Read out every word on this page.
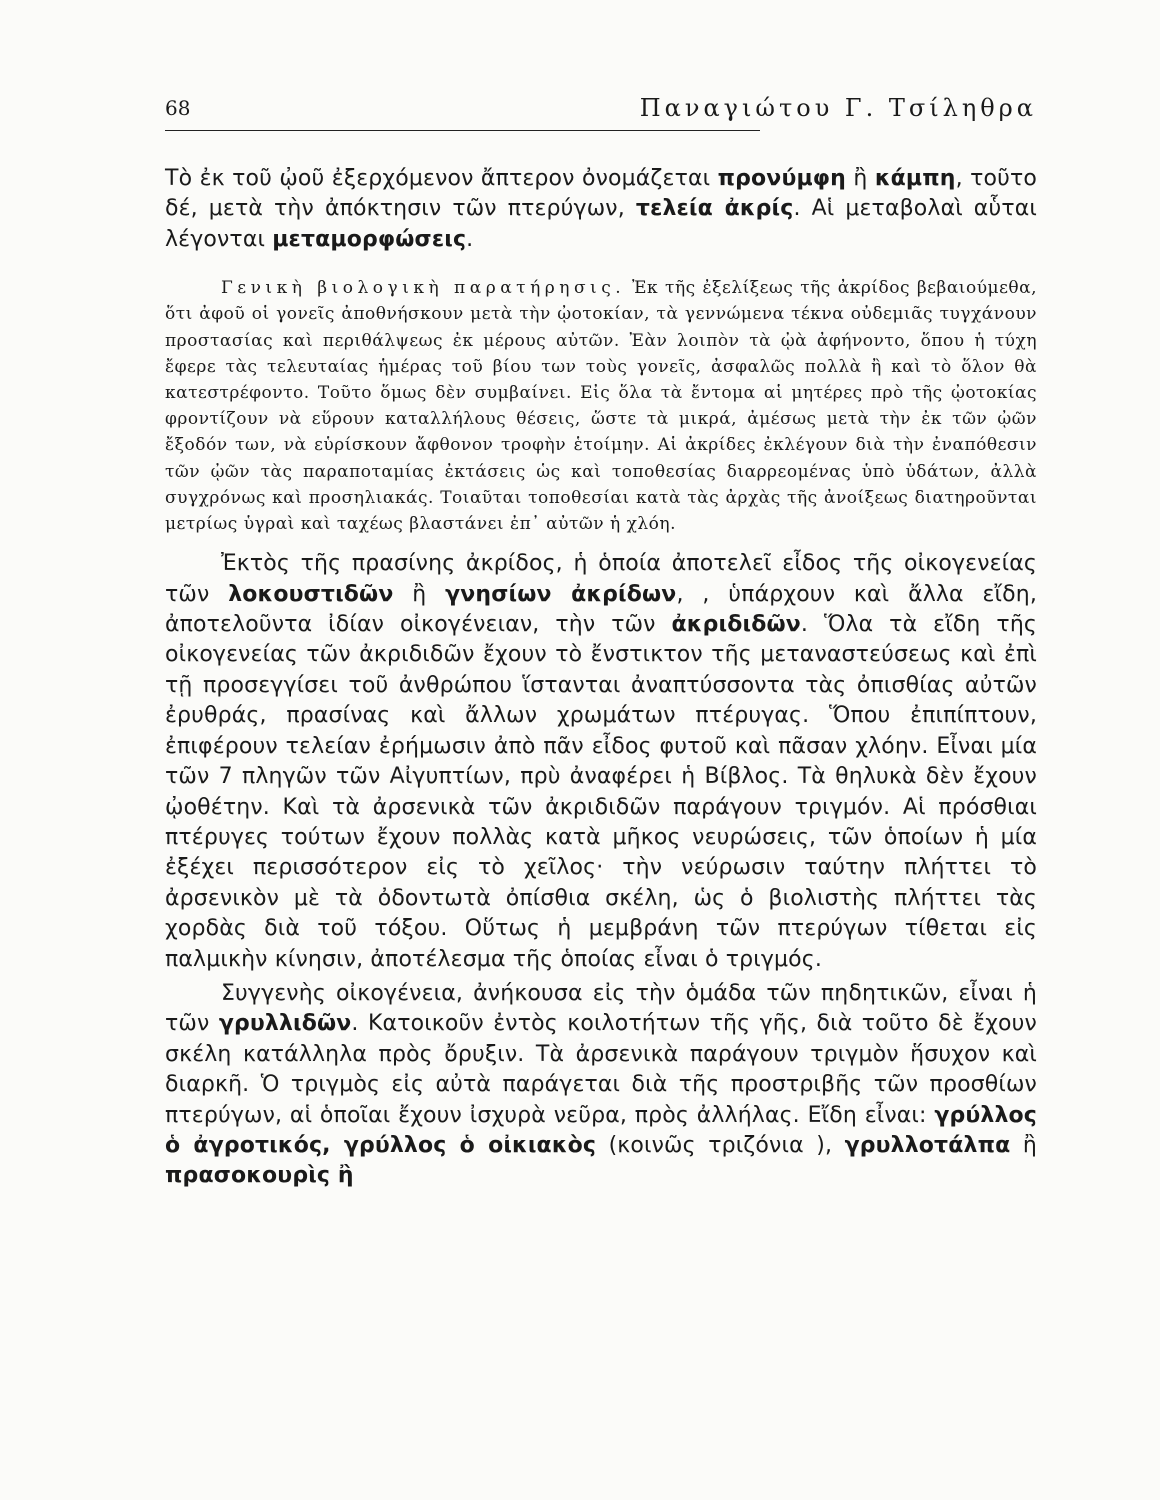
68	Παναγιώτου Γ. Τσίληθρα

Τὸ ἐκ τοῦ ᾠοῦ ἐξερχόμενον ἄπτερον ὀνομάζεται προνύμφη ἢ κάμπη, τοῦτο δέ, μετὰ τὴν ἀπόκτησιν τῶν πτερύγων, τελεία ἀκρίς. Αἱ μεταβολαὶ αὗται λέγονται μεταμορφώσεις.

Γενικὴ βιολογικὴ παρατήρησις. Ἐκ τῆς ἐξελίξεως τῆς ἀκρίδος βεβαιούμεθα, ὅτι ἀφοῦ οἱ γονεῖς ἀποθνήσκουν μετὰ τὴν ᾠοτοκίαν, τὰ γεννώμενα τέκνα οὐδεμιᾶς τυγχάνουν προστασίας καὶ περιθάλψεως ἐκ μέρους αὐτῶν. Ἐὰν λοιπὸν τὰ ᾠὰ ἀφήνοντο, ὅπου ἡ τύχη ἔφερε τὰς τελευταίας ἡμέρας τοῦ βίου των τοὺς γονεῖς, ἀσφαλῶς πολλὰ ἢ καὶ τὸ ὅλον θὰ κατεστρέφοντο. Τοῦτο ὅμως δὲν συμβαίνει. Εἰς ὅλα τὰ ἔντομα αἱ μητέρες πρὸ τῆς ᾠοτοκίας φροντίζουν νὰ εὕρουν καταλλήλους θέσεις, ὥστε τὰ μικρά, ἀμέσως μετὰ τὴν ἐκ τῶν ᾠῶν ἔξοδόν των, νὰ εὑρίσκουν ἄφθονον τροφὴν ἑτοίμην. Αἱ ἀκρίδες ἐκλέγουν διὰ τὴν ἐναπόθεσιν τῶν ᾠῶν τὰς παραποταμίας ἐκτάσεις ὡς καὶ τοποθεσίας διαρρεομένας ὑπὸ ὑδάτων, ἀλλὰ συγχρόνως καὶ προσηλιακάς. Τοιαῦται τοποθεσίαι κατὰ τὰς ἀρχὰς τῆς ἀνοίξεως διατηροῦνται μετρίως ὑγραὶ καὶ ταχέως βλαστάνει ἐπ᾽ αὐτῶν ἡ χλόη.

Ἐκτὸς τῆς πρασίνης ἀκρίδος, ἡ ὁποία ἀποτελεῖ εἶδος τῆς οἰκογενείας τῶν λοκουστιδῶν ἢ γνησίων ἀκρίδων, , ὑπάρχουν καὶ ἄλλα εἴδη, ἀποτελοῦντα ἰδίαν οἰκογένειαν, τὴν τῶν ἀκριδιδῶν. Ὅλα τὰ εἴδη τῆς οἰκογενείας τῶν ἀκριδιδῶν ἔχουν τὸ ἔνστικτον τῆς μεταναστεύσεως καὶ ἐπὶ τῇ προσεγγίσει τοῦ ἀνθρώπου ἵστανται ἀναπτύσσοντα τὰς ὀπισθίας αὐτῶν ἐρυθράς, πρασίνας καὶ ἄλλων χρωμάτων πτέρυγας. Ὅπου ἐπιπίπτουν, ἐπιφέρουν τελείαν ἐρήμωσιν ἀπὸ πᾶν εἶδος φυτοῦ καὶ πᾶσαν χλόην. Εἶναι μία τῶν 7 πληγῶν τῶν Αἰγυπτίων, πρὺ ἀναφέρει ἡ Βίβλος. Τὰ θηλυκὰ δὲν ἔχουν ᾠοθέτην. Καὶ τὰ ἀρσενικὰ τῶν ἀκριδιδῶν παράγουν τριγμόν. Αἱ πρόσθιαι πτέρυγες τούτων ἔχουν πολλὰς κατὰ μῆκος νευρώσεις, τῶν ὁποίων ἡ μία ἐξέχει περισσότερον εἰς τὸ χεῖλος· τὴν νεύρωσιν ταύτην πλήττει τὸ ἀρσενικὸν μὲ τὰ ὀδοντωτὰ ὀπίσθια σκέλη, ὡς ὁ βιολιστὴς πλήττει τὰς χορδὰς διὰ τοῦ τόξου. Οὕτως ἡ μεμβράνη τῶν πτερύγων τίθεται εἰς παλμικὴν κίνησιν, ἀποτέλεσμα τῆς ὁποίας εἶναι ὁ τριγμός.

Συγγενὴς οἰκογένεια, ἀνήκουσα εἰς τὴν ὁμάδα τῶν πηδητικῶν, εἶναι ἡ τῶν γρυλλιδῶν. Κατοικοῦν ἐντὸς κοιλοτήτων τῆς γῆς, διὰ τοῦτο δὲ ἔχουν σκέλη κατάλληλα πρὸς ὄρυξιν. Τὰ ἀρσενικὰ παράγουν τριγμὸν ἥσυχον καὶ διαρκῆ. Ὁ τριγμὸς εἰς αὐτὰ παράγεται διὰ τῆς προστριβῆς τῶν προσθίων πτερύγων, αἱ ὁποῖαι ἔχουν ἰσχυρὰ νεῦρα, πρὸς ἀλλήλας. Εἴδη εἶναι: γρύλλος ὁ ἀγροτικός, γρύλλος ὁ οἰκιακὸς (κοινῶς τριζόνια ), γρυλλοτάλπα ἢ πρασοκουρὶς ἢ
